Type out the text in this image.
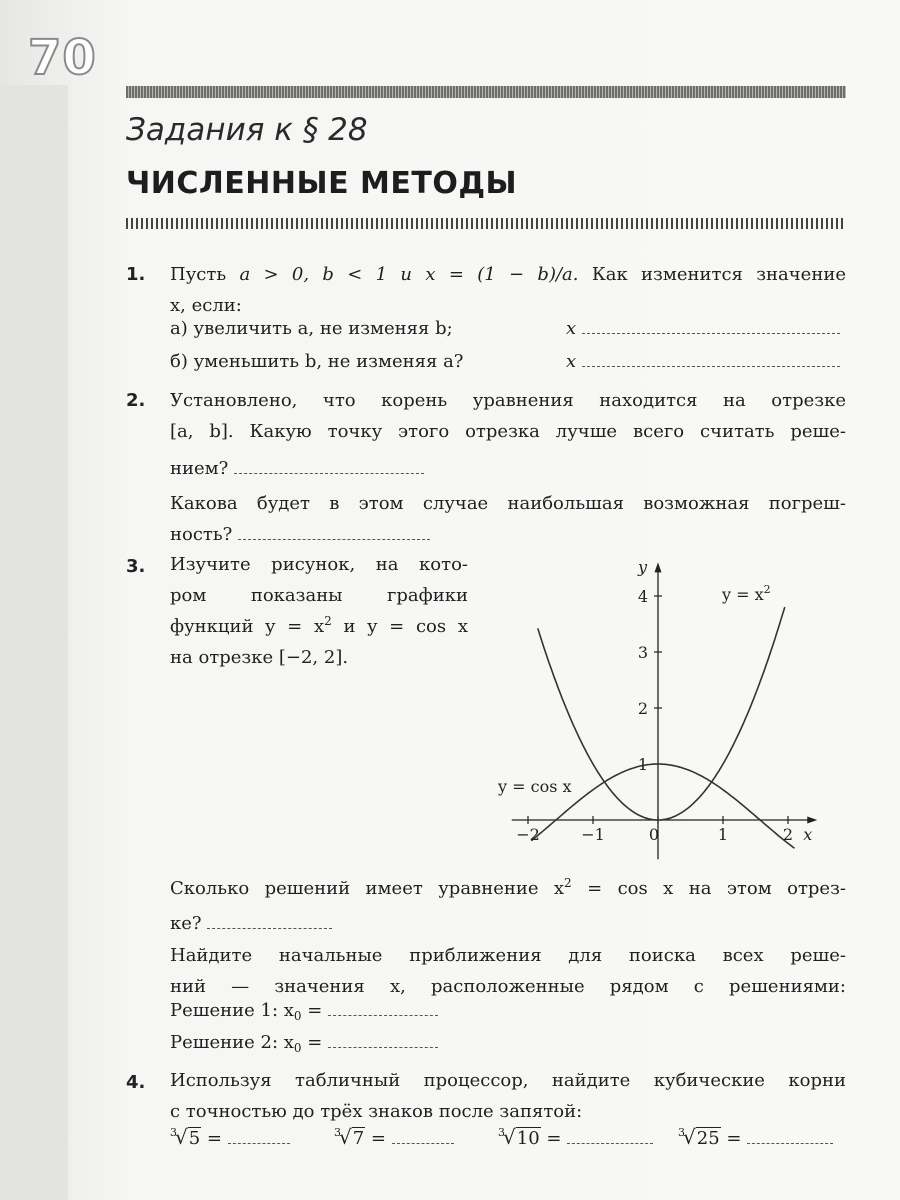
70
Задания к § 28
ЧИСЛЕННЫЕ МЕТОДЫ
1. Пусть a > 0, b < 1 и x = (1 − b)/a. Как изменится значение
x, если:
а) увеличить a, не изменяя b;	x
б) уменьшить b, не изменяя a?	x
2. Установлено, что корень уравнения находится на отрезке
[a, b]. Какую точку этого отрезка лучше всего считать реше-
нием?
Какова будет в этом случае наибольшая возможная погреш-
ность?
3. Изучите рисунок, на кото-
ром показаны графики
функций $y = x^2$ и y = cos x
на отрезке [−2, 2].
−2	−1	0	1	2
1
2
3
4
x
y
$y = x^2$
y = cos x
Сколько решений имеет уравнение $x^2 = \cos x$ на этом отрез-
ке?
Найдите начальные приближения для поиска всех реше-
ний — значения x, расположенные рядом с решениями:
Решение 1: $x_0$ =
Решение 2: $x_0$ =
4. Используя табличный процессор, найдите кубические корни
с точностью до трёх знаков после запятой:
$^3$√5 =	$^3$√7 =	$^3$√10 =	$^3$√25 =
